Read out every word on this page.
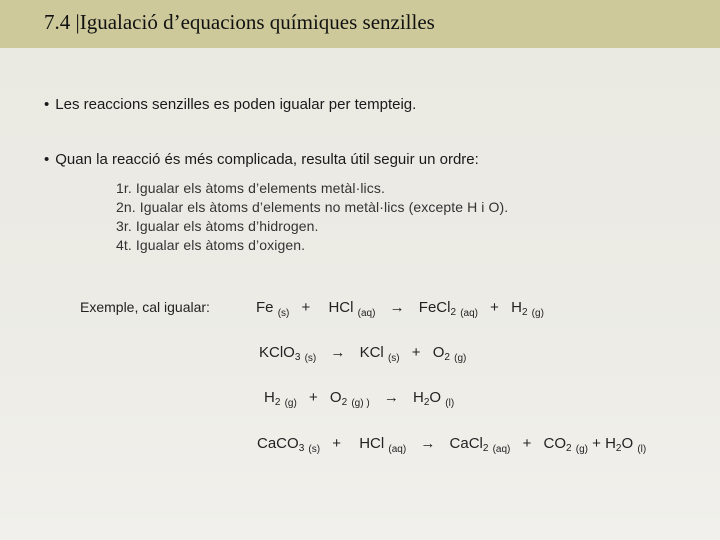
7.4 |Igualació d’equacions químiques senzilles
• Les reaccions senzilles es poden igualar per tempteig.
• Quan la reacció és més complicada, resulta útil seguir un ordre:
1r. Igualar els àtoms d’elements metàl·lics.
2n. Igualar els àtoms d’elements no metàl·lics (excepte H i O).
3r. Igualar els àtoms d’hidrogen.
4t. Igualar els àtoms d’oxigen.
Exemple, cal igualar:	Fe $_{(s)}$ + HCl $_{(aq)}$ → FeCl$_2$ $_{(aq)} + H_2$ $_{(g)}$
KClO$_3$ $_{(s)}$ → KCl $_{(s)} + O_2$ $_{(g)}$
$H_2$ $_{(g)} + O_2$ $_{(g) )} \to H_2O$ $_{(l)}$
CaCO$_3$ $_{(s)}$ + HCl $_{(aq)}$ → CaCl$_2$ $_{(aq)} + CO_2$ $_{(g)} + H_2O$ $_{(l)}$
